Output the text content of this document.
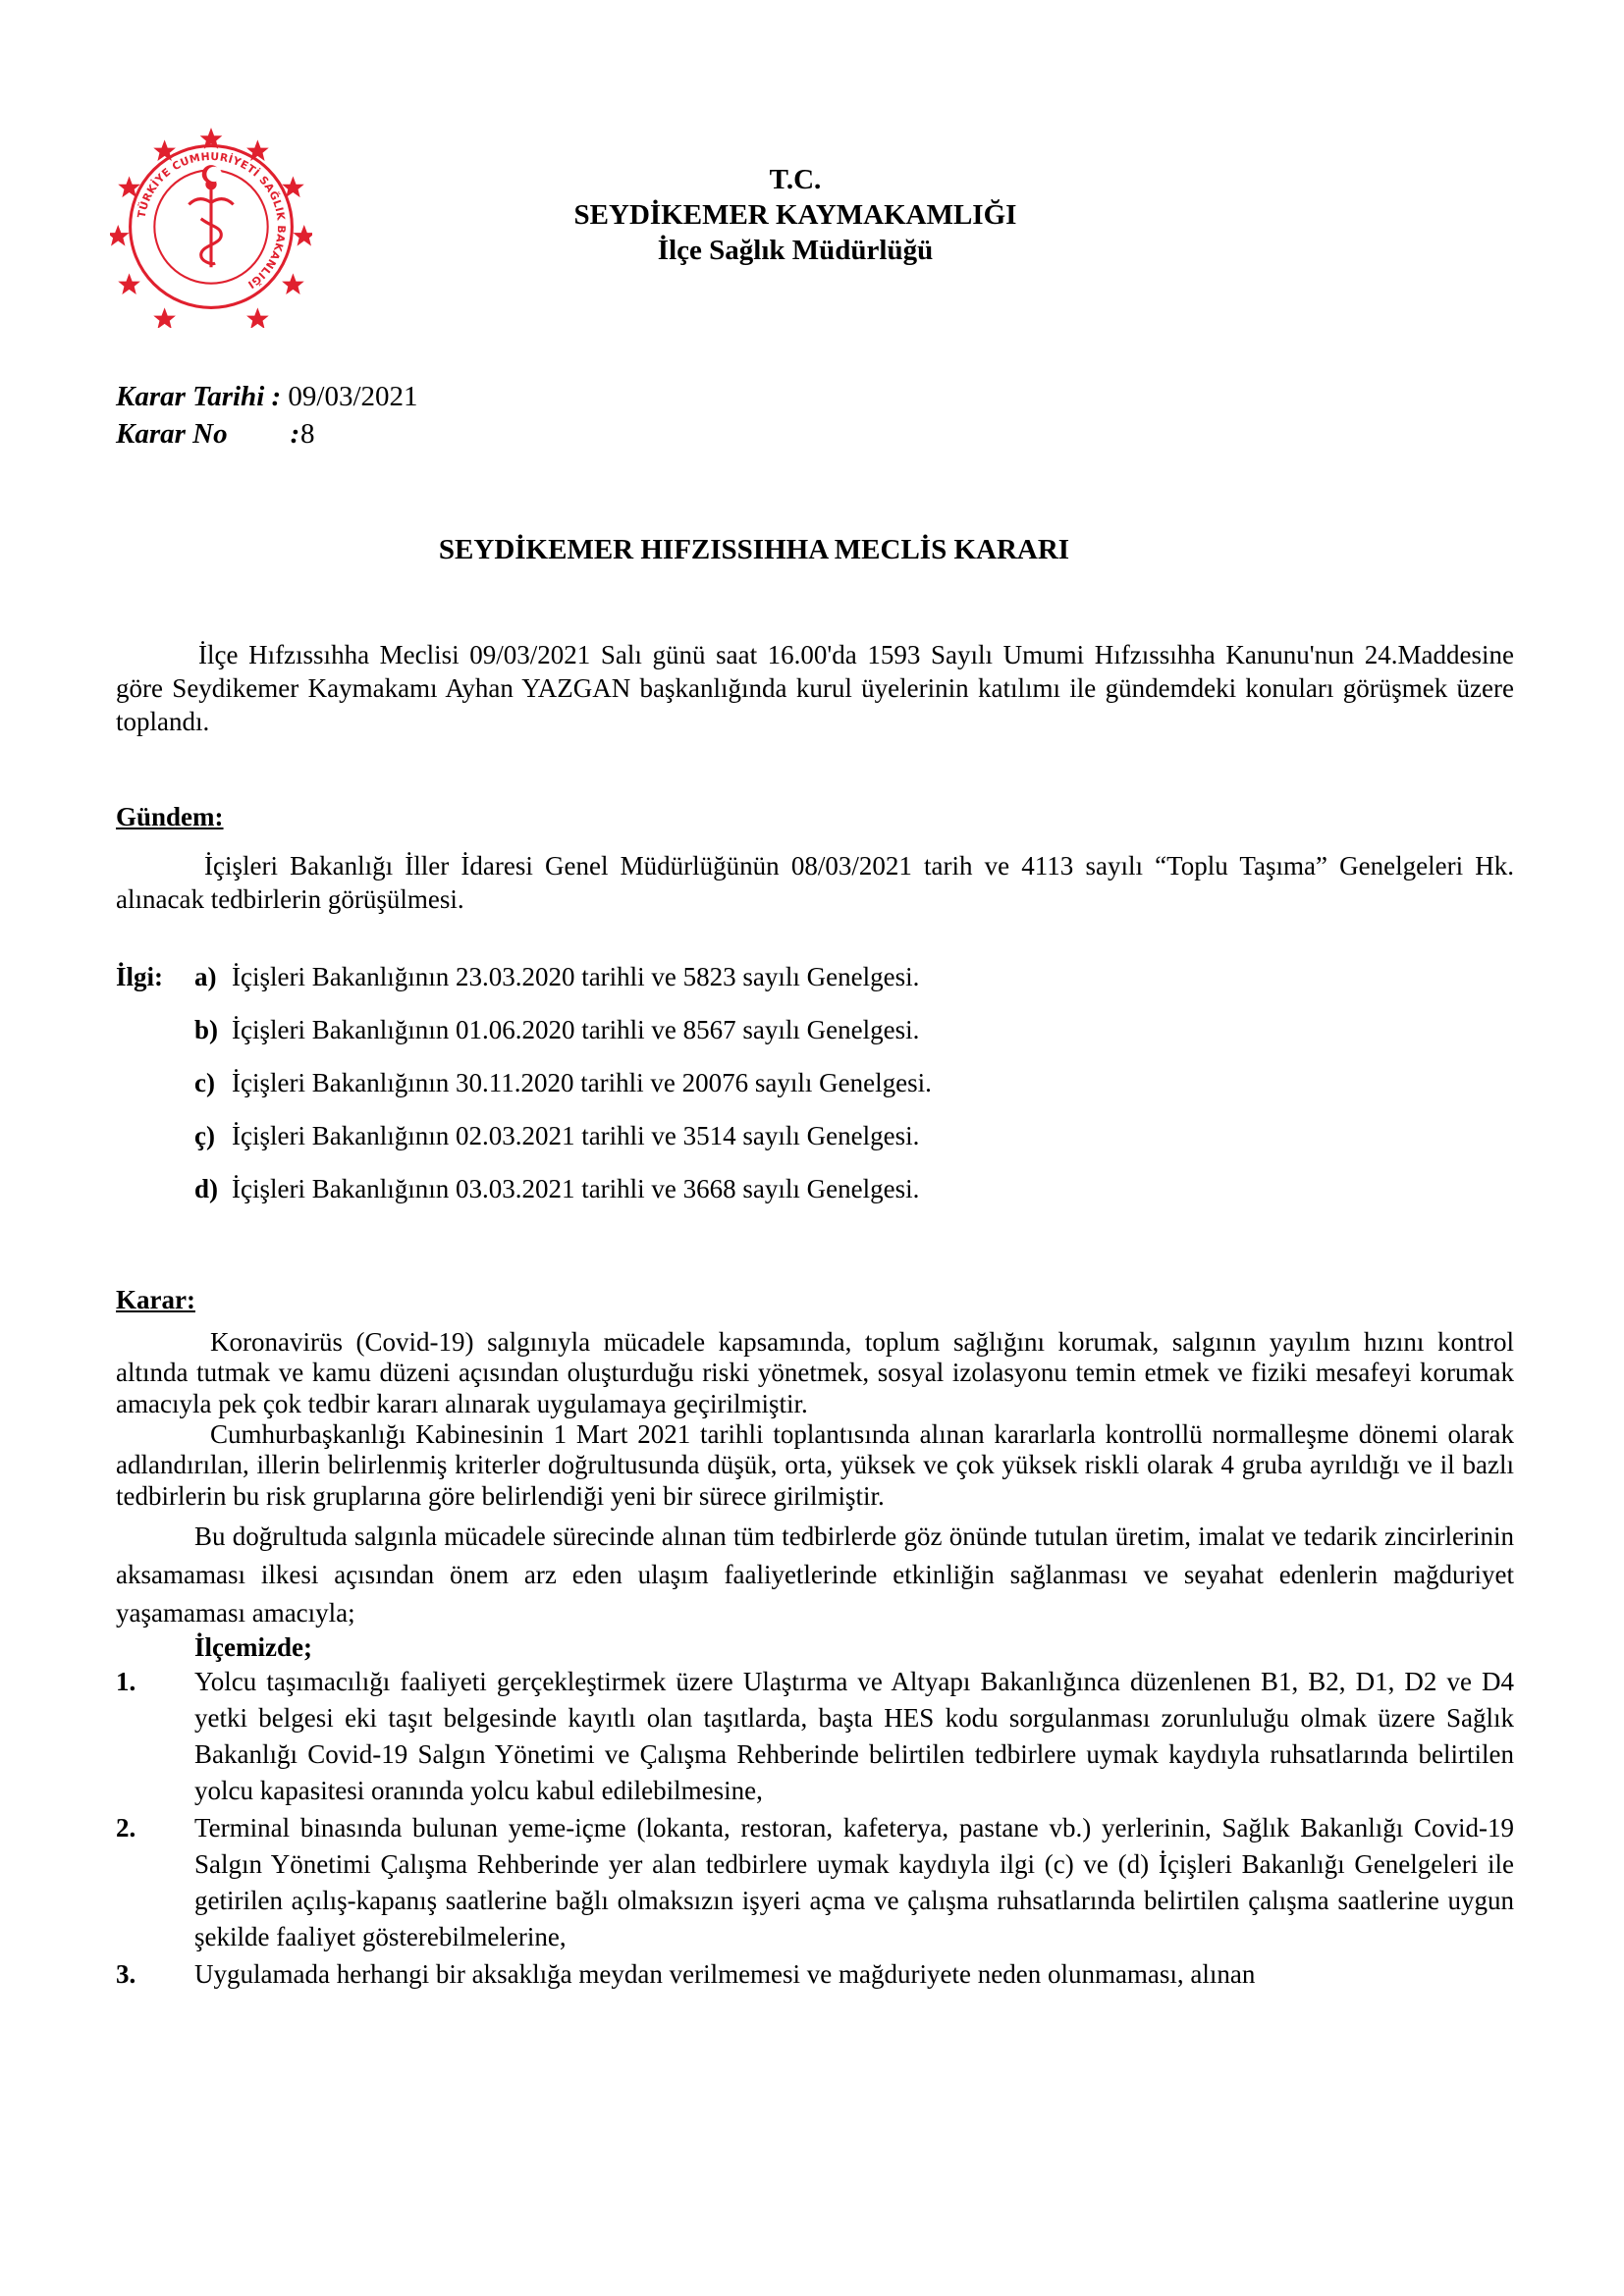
TÜRKİYE CUMHURİYETİ SAĞLIK BAKANLIĞI
T.C.
SEYDİKEMER KAYMAKAMLIĞI
İlçe Sağlık Müdürlüğü
Karar Tarihi :
09/03/2021
Karar No : 8
SEYDİKEMER HIFZISSIHHA MECLİS KARARI
İlçe Hıfzıssıhha Meclisi 09/03/2021 Salı günü saat 16.00'da 1593 Sayılı Umumi Hıfzıssıhha Kanunu'nun 24.Maddesine göre Seydikemer Kaymakamı Ayhan YAZGAN başkanlığında kurul üyelerinin katılımı ile gündemdeki konuları görüşmek üzere toplandı.
Gündem:
İçişleri Bakanlığı İller İdaresi Genel Müdürlüğünün 08/03/2021 tarih ve 4113 sayılı “Toplu Taşıma” Genelgeleri Hk. alınacak tedbirlerin görüşülmesi.
İlgi:	a) İçişleri Bakanlığının 23.03.2020 tarihli ve 5823 sayılı Genelgesi.
b) İçişleri Bakanlığının 01.06.2020 tarihli ve 8567 sayılı Genelgesi.
c) İçişleri Bakanlığının 30.11.2020 tarihli ve 20076 sayılı Genelgesi.
ç) İçişleri Bakanlığının 02.03.2021 tarihli ve 3514 sayılı Genelgesi.
d) İçişleri Bakanlığının 03.03.2021 tarihli ve 3668 sayılı Genelgesi.
Karar:

Koronavirüs (Covid-19) salgınıyla mücadele kapsamında, toplum sağlığını korumak, salgının yayılım hızını kontrol altında tutmak ve kamu düzeni açısından oluşturduğu riski yönetmek, sosyal izolasyonu temin etmek ve fiziki mesafeyi korumak amacıyla pek çok tedbir kararı alınarak uygulamaya geçirilmiştir.

Cumhurbaşkanlığı Kabinesinin 1 Mart 2021 tarihli toplantısında alınan kararlarla kontrollü normalleşme dönemi olarak adlandırılan, illerin belirlenmiş kriterler doğrultusunda düşük, orta, yüksek ve çok yüksek riskli olarak 4 gruba ayrıldığı ve il bazlı tedbirlerin bu risk gruplarına göre belirlendiği yeni bir sürece girilmiştir.

Bu doğrultuda salgınla mücadele sürecinde alınan tüm tedbirlerde göz önünde tutulan üretim, imalat ve tedarik zincirlerinin aksamaması ilkesi açısından önem arz eden ulaşım faaliyetlerinde etkinliğin sağlanması ve seyahat edenlerin mağduriyet yaşamaması amacıyla;

İlçemizde;
1.	Yolcu taşımacılığı faaliyeti gerçekleştirmek üzere Ulaştırma ve Altyapı Bakanlığınca düzenlenen B1, B2, D1, D2 ve D4 yetki belgesi eki taşıt belgesinde kayıtlı olan taşıtlarda, başta HES kodu sorgulanması zorunluluğu olmak üzere Sağlık Bakanlığı Covid-19 Salgın Yönetimi ve Çalışma Rehberinde belirtilen tedbirlere uymak kaydıyla ruhsatlarında belirtilen yolcu kapasitesi oranında yolcu kabul edilebilmesine,
2.	Terminal binasında bulunan yeme-içme (lokanta, restoran, kafeterya, pastane vb.) yerlerinin, Sağlık Bakanlığı Covid-19 Salgın Yönetimi Çalışma Rehberinde yer alan tedbirlere uymak kaydıyla ilgi (c) ve (d) İçişleri Bakanlığı Genelgeleri ile getirilen açılış-kapanış saatlerine bağlı olmaksızın işyeri açma ve çalışma ruhsatlarında belirtilen çalışma saatlerine uygun şekilde faaliyet gösterebilmelerine,
3.	Uygulamada herhangi bir aksaklığa meydan verilmemesi ve mağduriyete neden olunmaması, alınan
